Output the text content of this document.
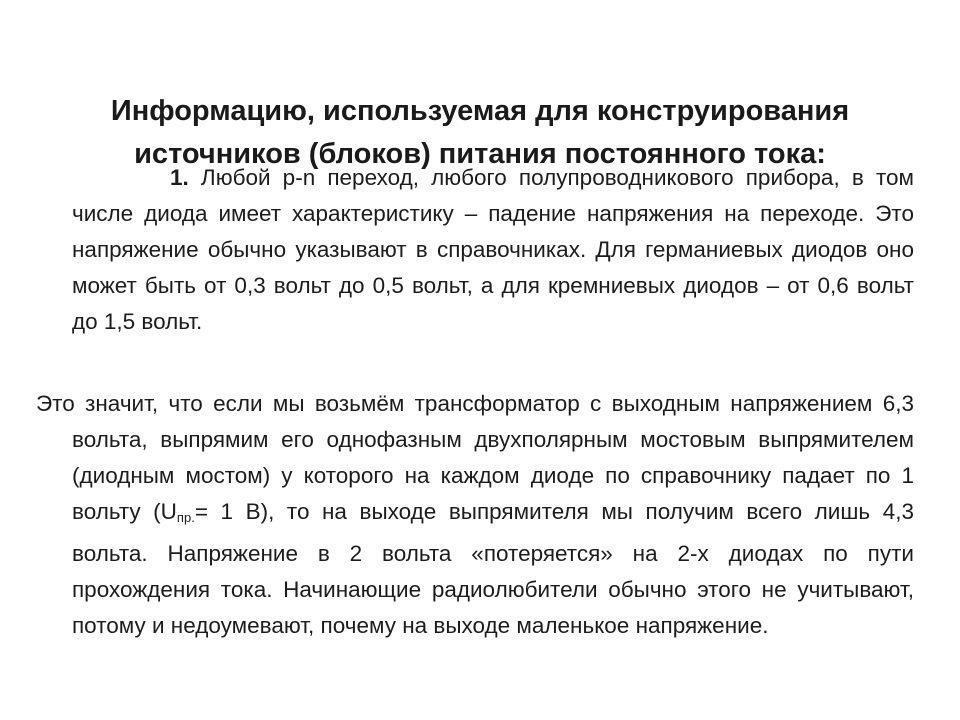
Информацию, используемая для конструирования источников (блоков) питания постоянного тока:

1. Любой p-n переход, любого полупроводникового прибора, в том числе диода имеет характеристику – падение напряжения на переходе. Это напряжение обычно указывают в справочниках. Для германиевых диодов оно может быть от 0,3 вольт до 0,5 вольт, а для кремниевых диодов – от 0,6 вольт до 1,5 вольт.

Это значит, что если мы возьмём трансформатор с выходным напряжением 6,3 вольта, выпрямим его однофазным двухполярным мостовым выпрямителем (диодным мостом) у которого на каждом диоде по справочнику падает по 1 вольту ($U_{пр.}= 1$ В), то на выходе выпрямителя мы получим всего лишь 4,3 вольта. Напряжение в 2 вольта «потеряется» на 2-х диодах по пути прохождения тока. Начинающие радиолюбители обычно этого не учитывают, потому и недоумевают, почему на выходе маленькое напряжение.
